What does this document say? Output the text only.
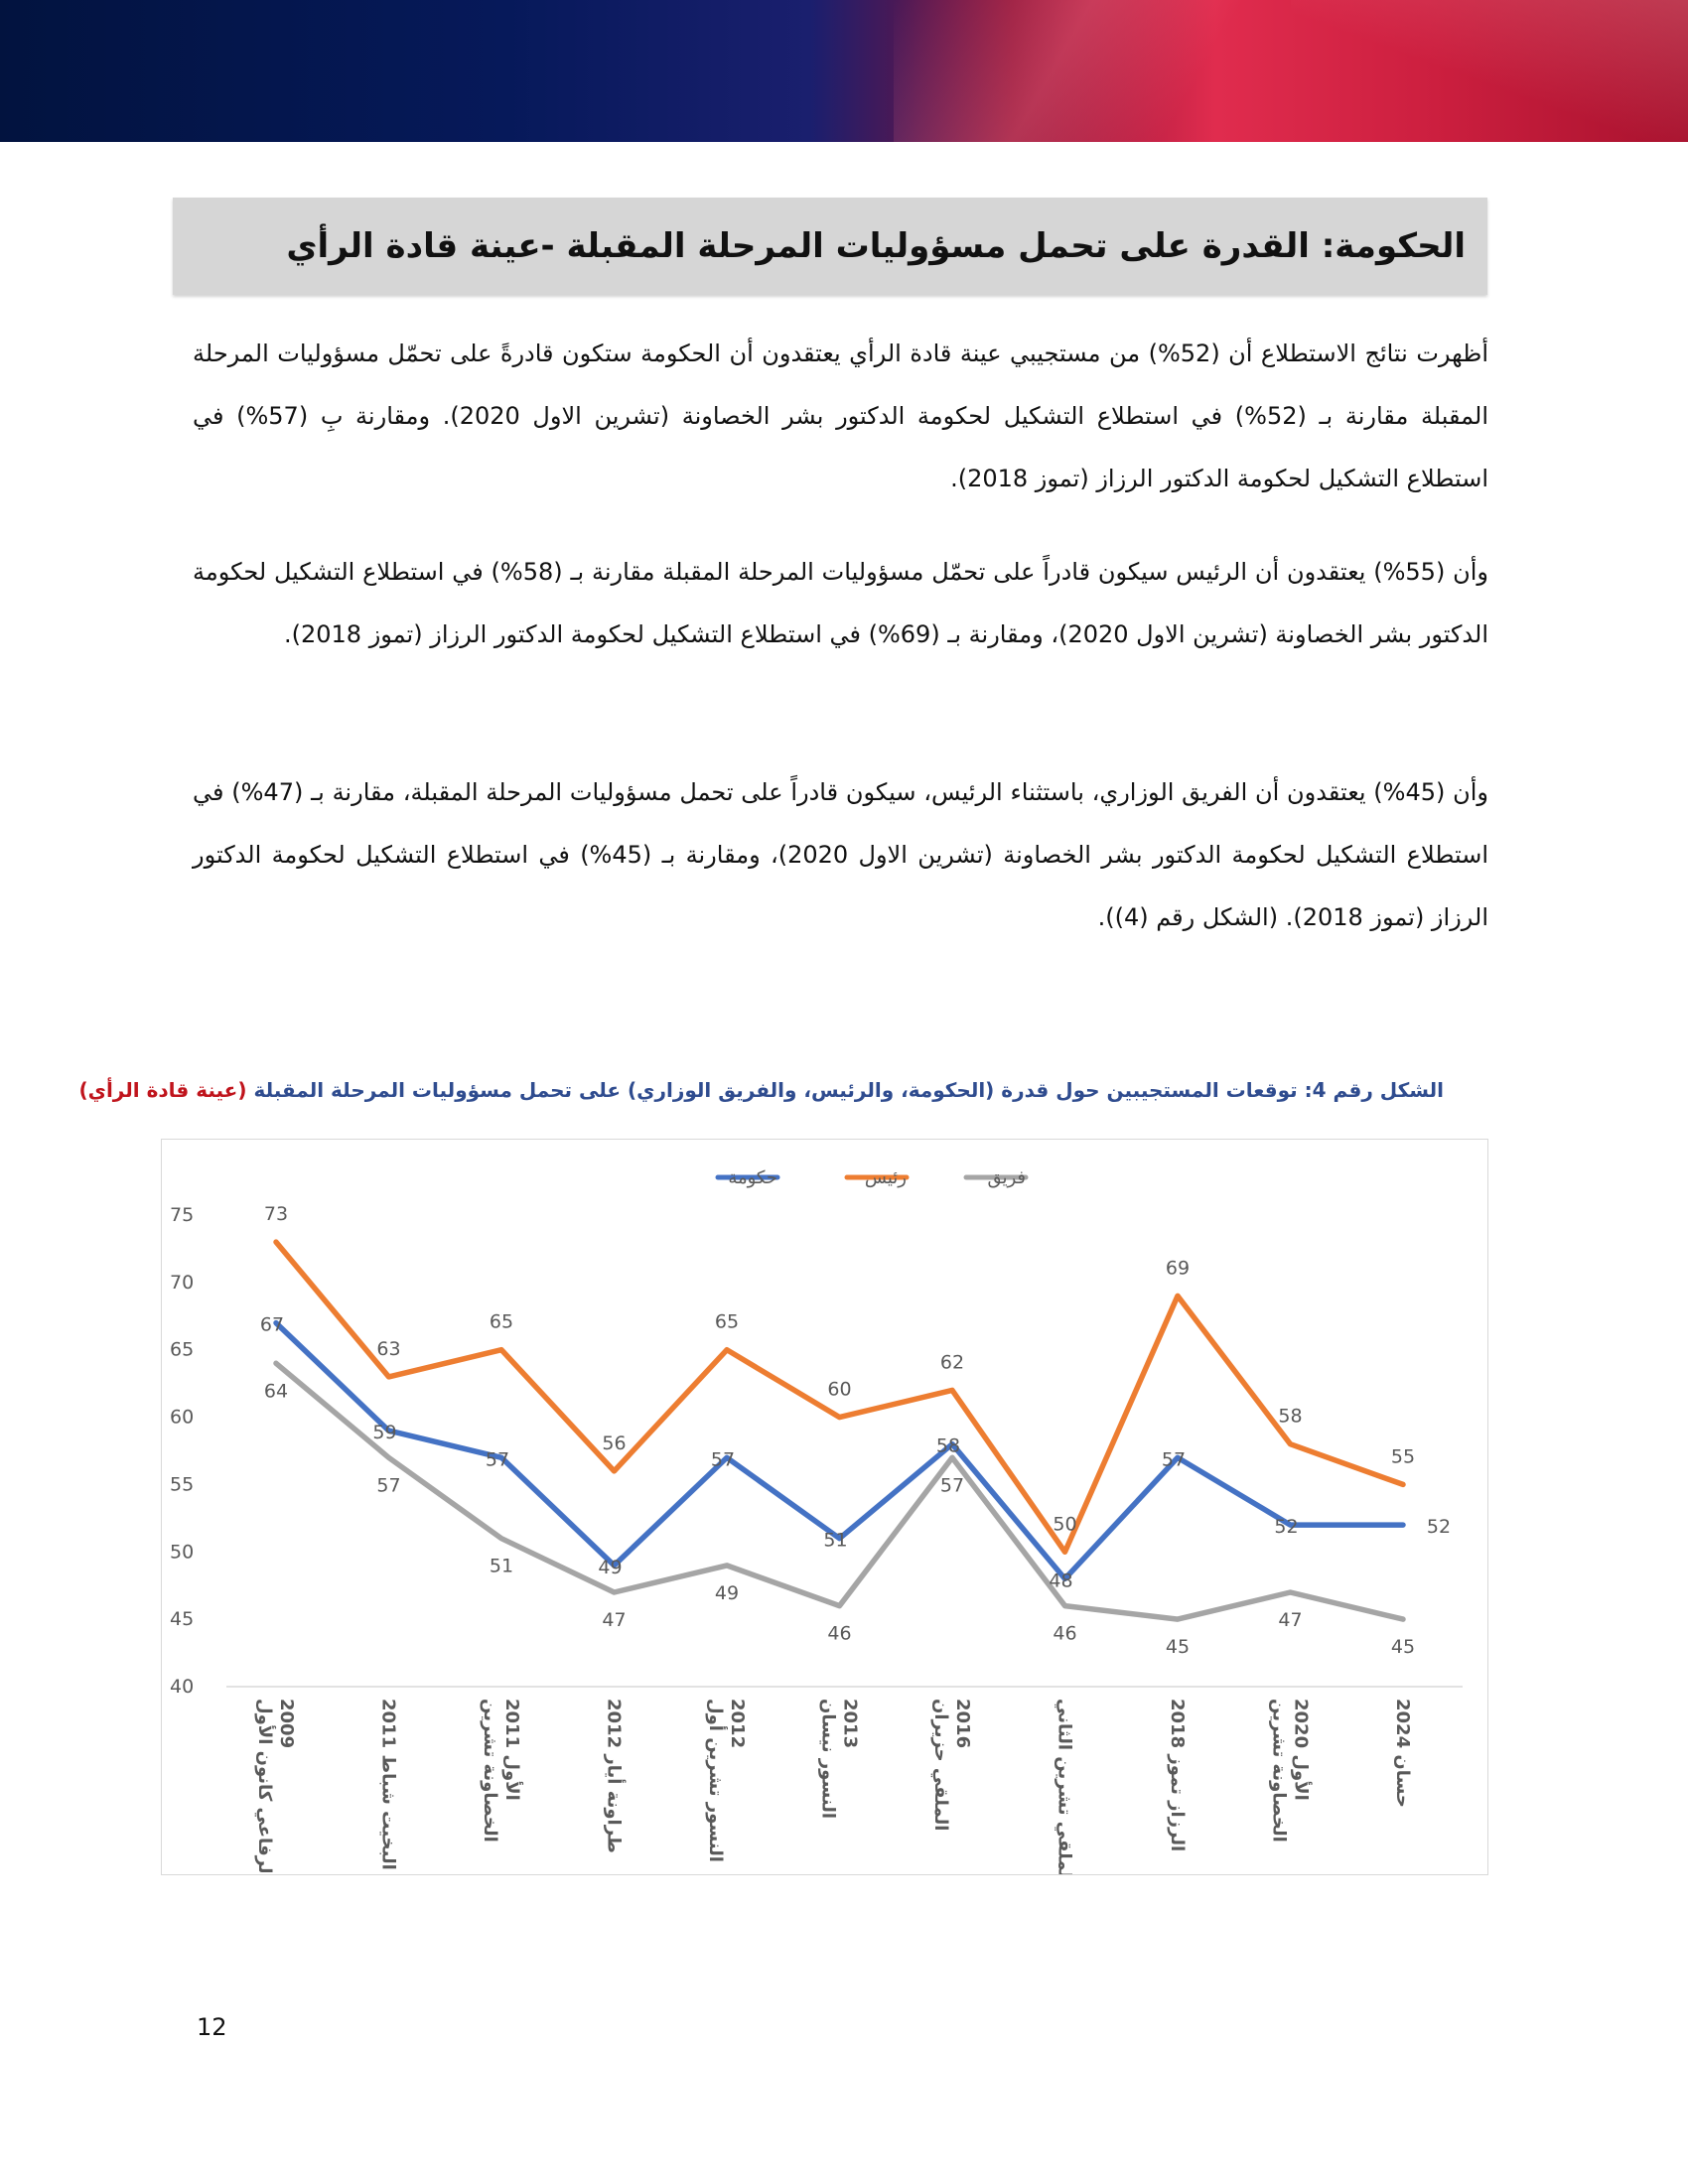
الحكومة: القدرة على تحمل مسؤوليات المرحلة المقبلة -عينة قادة الرأي

أظهرت نتائج الاستطلاع أن (52%) من مستجيبي عينة قادة الرأي يعتقدون أن الحكومة ستكون قادرةً على تحمّل مسؤوليات المرحلة المقبلة مقارنة بـ (52%) في استطلاع التشكيل لحكومة الدكتور بشر الخصاونة (تشرين الاول 2020). ومقارنة بِ (57%) في استطلاع التشكيل لحكومة الدكتور الرزاز (تموز 2018).

وأن (55%) يعتقدون أن الرئيس سيكون قادراً على تحمّل مسؤوليات المرحلة المقبلة مقارنة بـ (58%) في استطلاع التشكيل لحكومة الدكتور بشر الخصاونة (تشرين الاول 2020)، ومقارنة بـ (69%) في استطلاع التشكيل لحكومة الدكتور الرزاز (تموز 2018).

وأن (45%) يعتقدون أن الفريق الوزاري، باستثناء الرئيس، سيكون قادراً على تحمل مسؤوليات المرحلة المقبلة، مقارنة بـ (47%) في استطلاع التشكيل لحكومة الدكتور بشر الخصاونة (تشرين الاول 2020)، ومقارنة بـ (45%) في استطلاع التشكيل لحكومة الدكتور الرزاز (تموز 2018). (الشكل رقم (4)).

الشكل رقم 4: توقعات المستجيبين حول قدرة (الحكومة، والرئيس، والفريق الوزاري) على تحمل مسؤوليات المرحلة المقبلة (عينة قادة الرأي)
40
45
50
55
60
65
70
75
حكومة	رئيس	فريق
67
59
57
49
57
51
58
48
57
52	52
73
63
65
56
65
60
62
50
69
58
55
64
57
51
47
49
46
57
46
45
47
45
الرفاعي كانون الأول 2009	البخيت شباط 2011	الخصاونة تشرين الأول 2011
طراونة أيار 2012	النسور تشرين أول 2012	النسور نيسان 2013	الملقي حزيران 2016	الملقي تشرين الثاني	الرزاز تموز 2018	الخصاونة تشرين الأول 2020
حسان 2024
12
